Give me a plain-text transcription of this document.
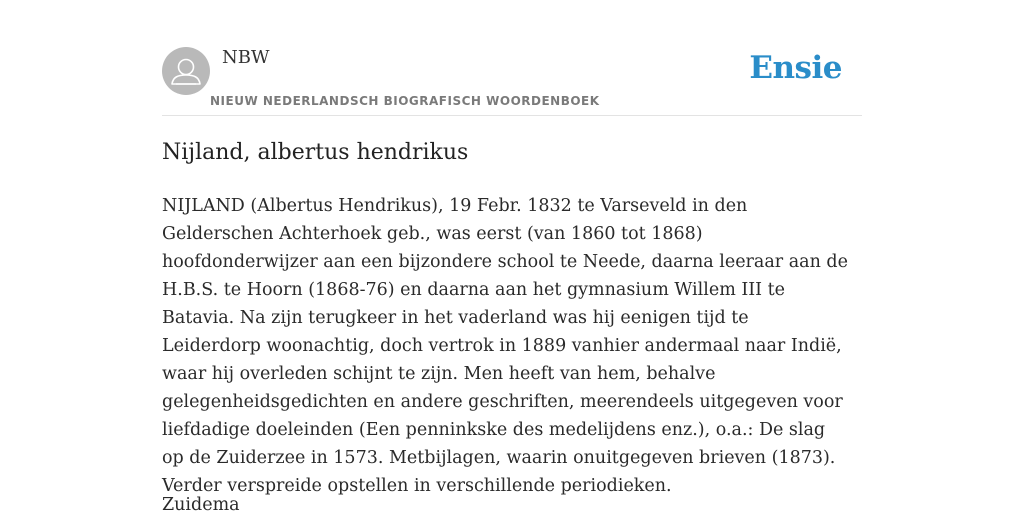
NBW
NIEUW NEDERLANDSCH BIOGRAFISCH WOORDENBOEK
Ensie
Nijland, albertus hendrikus

NIJLAND (Albertus Hendrikus), 19 Febr. 1832 te Varseveld in den Gelderschen Achterhoek geb., was eerst (van 1860 tot 1868) hoofdonderwijzer aan een bijzondere school te Neede, daarna leeraar aan de H.B.S. te Hoorn (1868-76) en daarna aan het gymnasium Willem III te Batavia. Na zijn terugkeer in het vaderland was hij eenigen tijd te Leiderdorp woonachtig, doch vertrok in 1889 vanhier andermaal naar Indië, waar hij overleden schijnt te zijn. Men heeft van hem, behalve gelegenheidsgedichten en andere geschriften, meerendeels uitgegeven voor liefdadige doeleinden (Een penninkske des medelijdens enz.), o.a.: De slag op de Zuiderzee in 1573. Metbijlagen, waarin onuitgegeven brieven (1873). Verder verspreide opstellen in verschillende periodieken.

Zuidema
